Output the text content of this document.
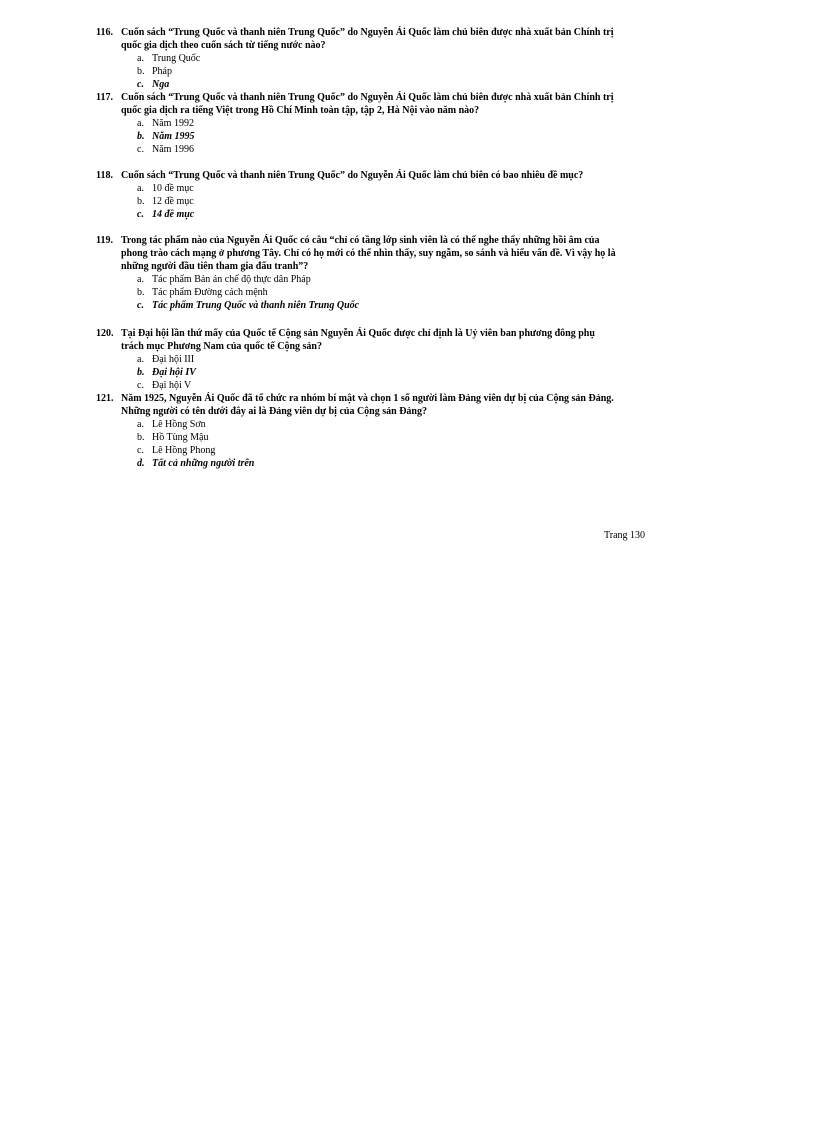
116. Cuốn sách “Trung Quốc và thanh niên Trung Quốc” do Nguyễn Ái Quốc làm chủ biên được nhà xuất bản Chính trị quốc gia dịch theo cuốn sách từ tiếng nước nào?
a. Trung Quốc
b. Pháp
c. Nga
117. Cuốn sách “Trung Quốc và thanh niên Trung Quốc” do Nguyễn Ái Quốc làm chủ biên được nhà xuất bản Chính trị quốc gia dịch ra tiếng Việt trong Hồ Chí Minh toàn tập, tập 2, Hà Nội vào năm nào?
a. Năm 1992
b. Năm 1995
c. Năm 1996
118. Cuốn sách “Trung Quốc và thanh niên Trung Quốc” do Nguyễn Ái Quốc làm chủ biên có bao nhiêu đề mục?
a. 10 đề mục
b. 12 đề mục
c. 14 đề mục
119. Trong tác phẩm nào của Nguyễn Ái Quốc có câu “chỉ có tầng lớp sinh viên là có thể nghe thấy những hồi âm của phong trào cách mạng ở phương Tây. Chỉ có họ mới có thể nhìn thấy, suy ngẫm, so sánh và hiểu vấn đề. Vì vậy họ là những người đầu tiên tham gia đấu tranh”?
a. Tác phẩm Bản án chế độ thực dân Pháp
b. Tác phẩm Đường cách mệnh
c. Tác phẩm Trung Quốc và thanh niên Trung Quốc
120. Tại Đại hội lần thứ mấy của Quốc tế Cộng sản Nguyễn Ái Quốc được chỉ định là Uỷ viên ban phương đông phụ trách mục Phương Nam của quốc tế Cộng sản?
a. Đại hội III
b. Đại hội IV
c. Đại hội V
121. Năm 1925, Nguyễn Ái Quốc đã tổ chức ra nhóm bí mật và chọn 1 số người làm Đảng viên dự bị của Cộng sản Đảng. Những người có tên dưới đây ai là Đảng viên dự bị của Cộng sản Đảng?
a. Lê Hồng Sơn
b. Hồ Tùng Mậu
c. Lê Hồng Phong
d. Tất cả những người trên
Trang 130
